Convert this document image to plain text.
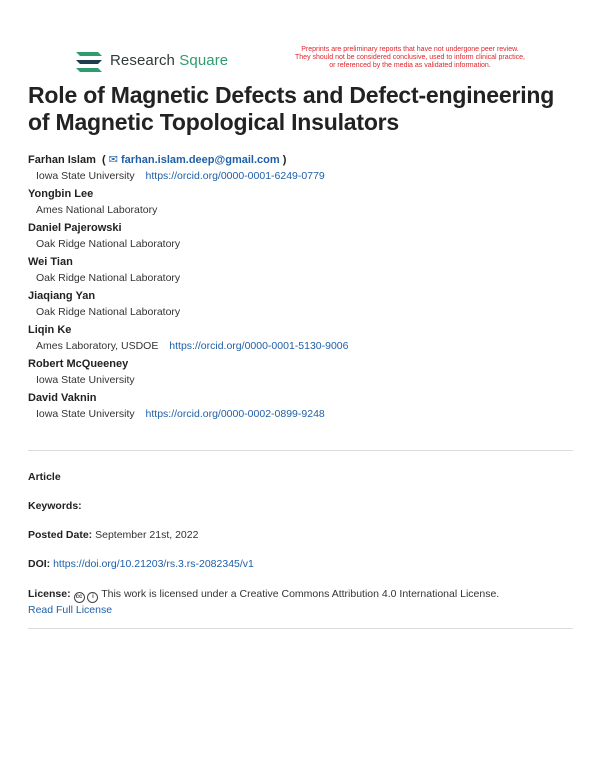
Research Square
Preprints are preliminary reports that have not undergone peer review.
They should not be considered conclusive, used to inform clinical practice,
or referenced by the media as validated information.
Role of Magnetic Defects and Defect-engineering of Magnetic Topological Insulators
Farhan Islam  ( ✉ farhan.islam.deep@gmail.com )
Iowa State University https://orcid.org/0000-0001-6249-0779
Yongbin Lee
Ames National Laboratory
Daniel Pajerowski
Oak Ridge National Laboratory
Wei Tian
Oak Ridge National Laboratory
Jiaqiang Yan
Oak Ridge National Laboratory
Liqin Ke
Ames Laboratory, USDOE https://orcid.org/0000-0001-5130-9006
Robert McQueeney
Iowa State University
David Vaknin
Iowa State University https://orcid.org/0000-0002-0899-9248
Article
Keywords:
Posted Date: September 21st, 2022
DOI: https://doi.org/10.21203/rs.3.rs-2082345/v1
License: cc i This work is licensed under a Creative Commons Attribution 4.0 International License.
Read Full License
